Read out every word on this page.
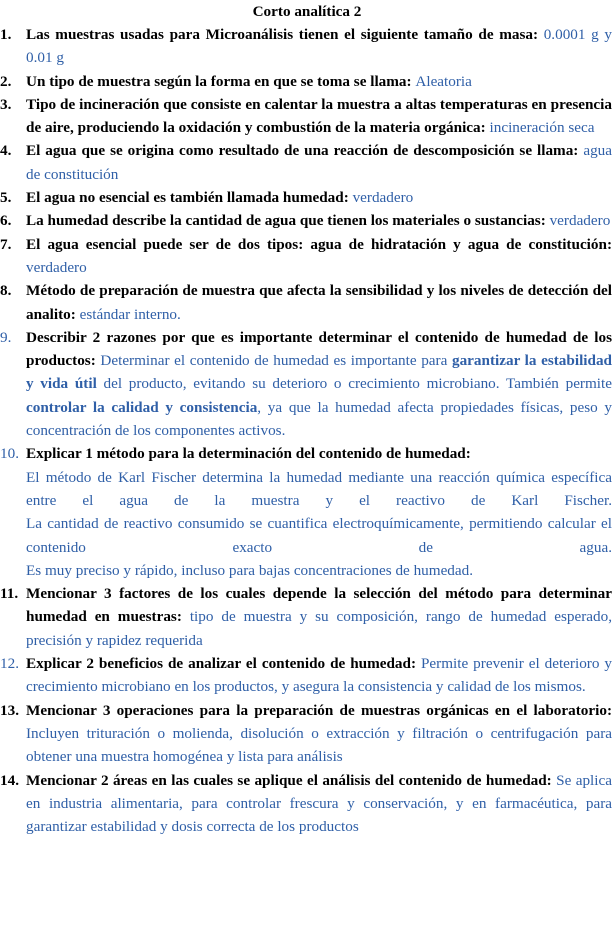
Corto analítica 2

1. Las muestras usadas para Microanálisis tienen el siguiente tamaño de masa: 0.0001 g y 0.01 g
2. Un tipo de muestra según la forma en que se toma se llama: Aleatoria
3. Tipo de incineración que consiste en calentar la muestra a altas temperaturas en presencia de aire, produciendo la oxidación y combustión de la materia orgánica: incineración seca
4. El agua que se origina como resultado de una reacción de descomposición se llama: agua de constitución
5. El agua no esencial es también llamada humedad: verdadero
6. La humedad describe la cantidad de agua que tienen los materiales o sustancias: verdadero
7. El agua esencial puede ser de dos tipos: agua de hidratación y agua de constitución: verdadero
8. Método de preparación de muestra que afecta la sensibilidad y los niveles de detección del analito: estándar interno.
9. Describir 2 razones por que es importante determinar el contenido de humedad de los productos: Determinar el contenido de humedad es importante para garantizar la estabilidad y vida útil del producto, evitando su deterioro o crecimiento microbiano. También permite controlar la calidad y consistencia, ya que la humedad afecta propiedades físicas, peso y concentración de los componentes activos.
10. Explicar 1 método para la determinación del contenido de humedad:
El método de Karl Fischer determina la humedad mediante una reacción química específica entre el agua de la muestra y el reactivo de Karl Fischer.
La cantidad de reactivo consumido se cuantifica electroquímicamente, permitiendo calcular el contenido exacto de agua.
Es muy preciso y rápido, incluso para bajas concentraciones de humedad.
11. Mencionar 3 factores de los cuales depende la selección del método para determinar humedad en muestras: tipo de muestra y su composición, rango de humedad esperado, precisión y rapidez requerida
12. Explicar 2 beneficios de analizar el contenido de humedad: Permite prevenir el deterioro y crecimiento microbiano en los productos, y asegura la consistencia y calidad de los mismos.
13. Mencionar 3 operaciones para la preparación de muestras orgánicas en el laboratorio: Incluyen trituración o molienda, disolución o extracción y filtración o centrifugación para obtener una muestra homogénea y lista para análisis
14. Mencionar 2 áreas en las cuales se aplique el análisis del contenido de humedad: Se aplica en industria alimentaria, para controlar frescura y conservación, y en farmacéutica, para garantizar estabilidad y dosis correcta de los productos
